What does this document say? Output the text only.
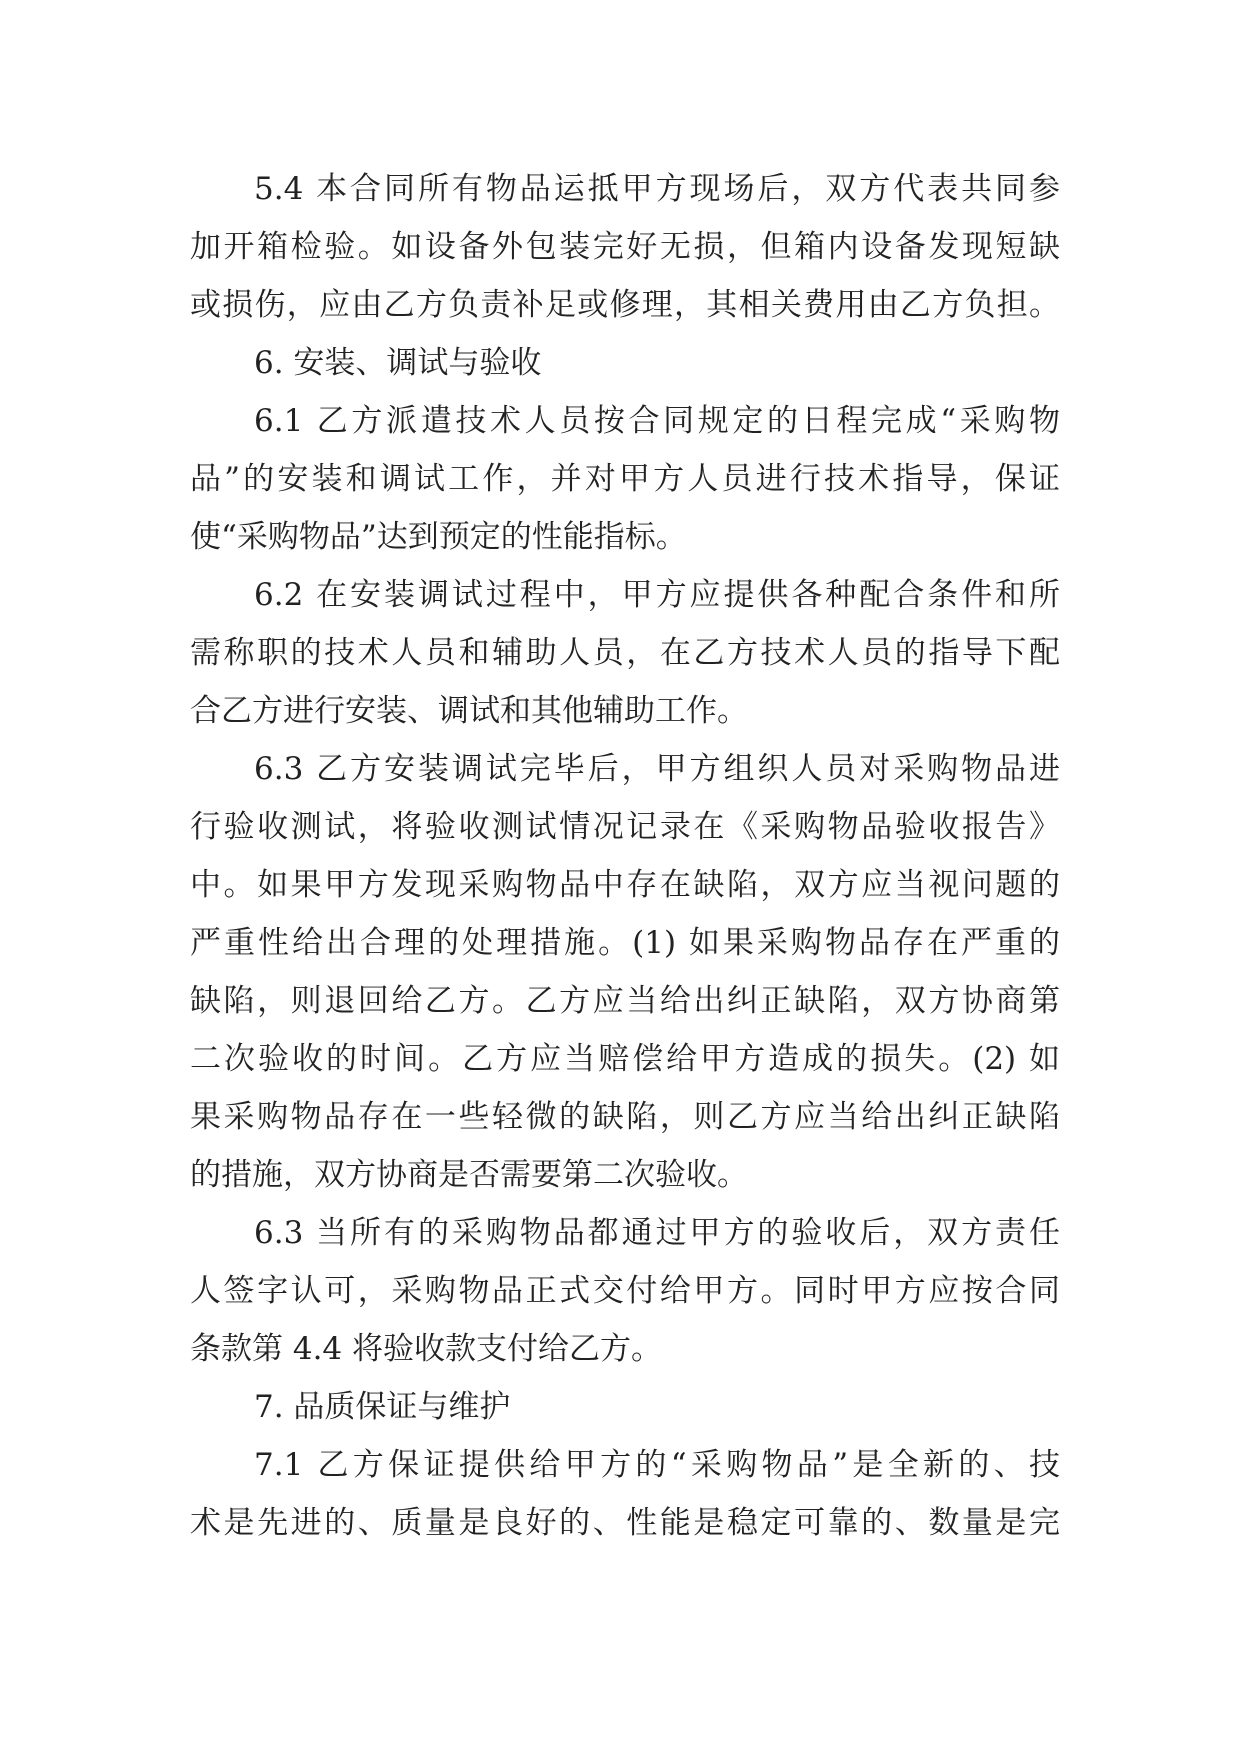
5.4 本合同所有物品运抵甲方现场后，双方代表共同参
加开箱检验。如设备外包装完好无损，但箱内设备发现短缺
或损伤，应由乙方负责补足或修理，其相关费用由乙方负担。
6. 安装、调试与验收
6.1 乙方派遣技术人员按合同规定的日程完成“采购物
品”的安装和调试工作，并对甲方人员进行技术指导，保证
使“采购物品”达到预定的性能指标。
6.2 在安装调试过程中，甲方应提供各种配合条件和所
需称职的技术人员和辅助人员，在乙方技术人员的指导下配
合乙方进行安装、调试和其他辅助工作。
6.3 乙方安装调试完毕后，甲方组织人员对采购物品进
行验收测试，将验收测试情况记录在《采购物品验收报告》
中。如果甲方发现采购物品中存在缺陷，双方应当视问题的
严重性给出合理的处理措施。(1) 如果采购物品存在严重的
缺陷，则退回给乙方。乙方应当给出纠正缺陷，双方协商第
二次验收的时间。乙方应当赔偿给甲方造成的损失。(2) 如
果采购物品存在一些轻微的缺陷，则乙方应当给出纠正缺陷
的措施，双方协商是否需要第二次验收。
6.3 当所有的采购物品都通过甲方的验收后，双方责任
人签字认可，采购物品正式交付给甲方。同时甲方应按合同
条款第 4.4 将验收款支付给乙方。
7. 品质保证与维护
7.1 乙方保证提供给甲方的“采购物品”是全新的、技
术是先进的、质量是良好的、性能是稳定可靠的、数量是完
